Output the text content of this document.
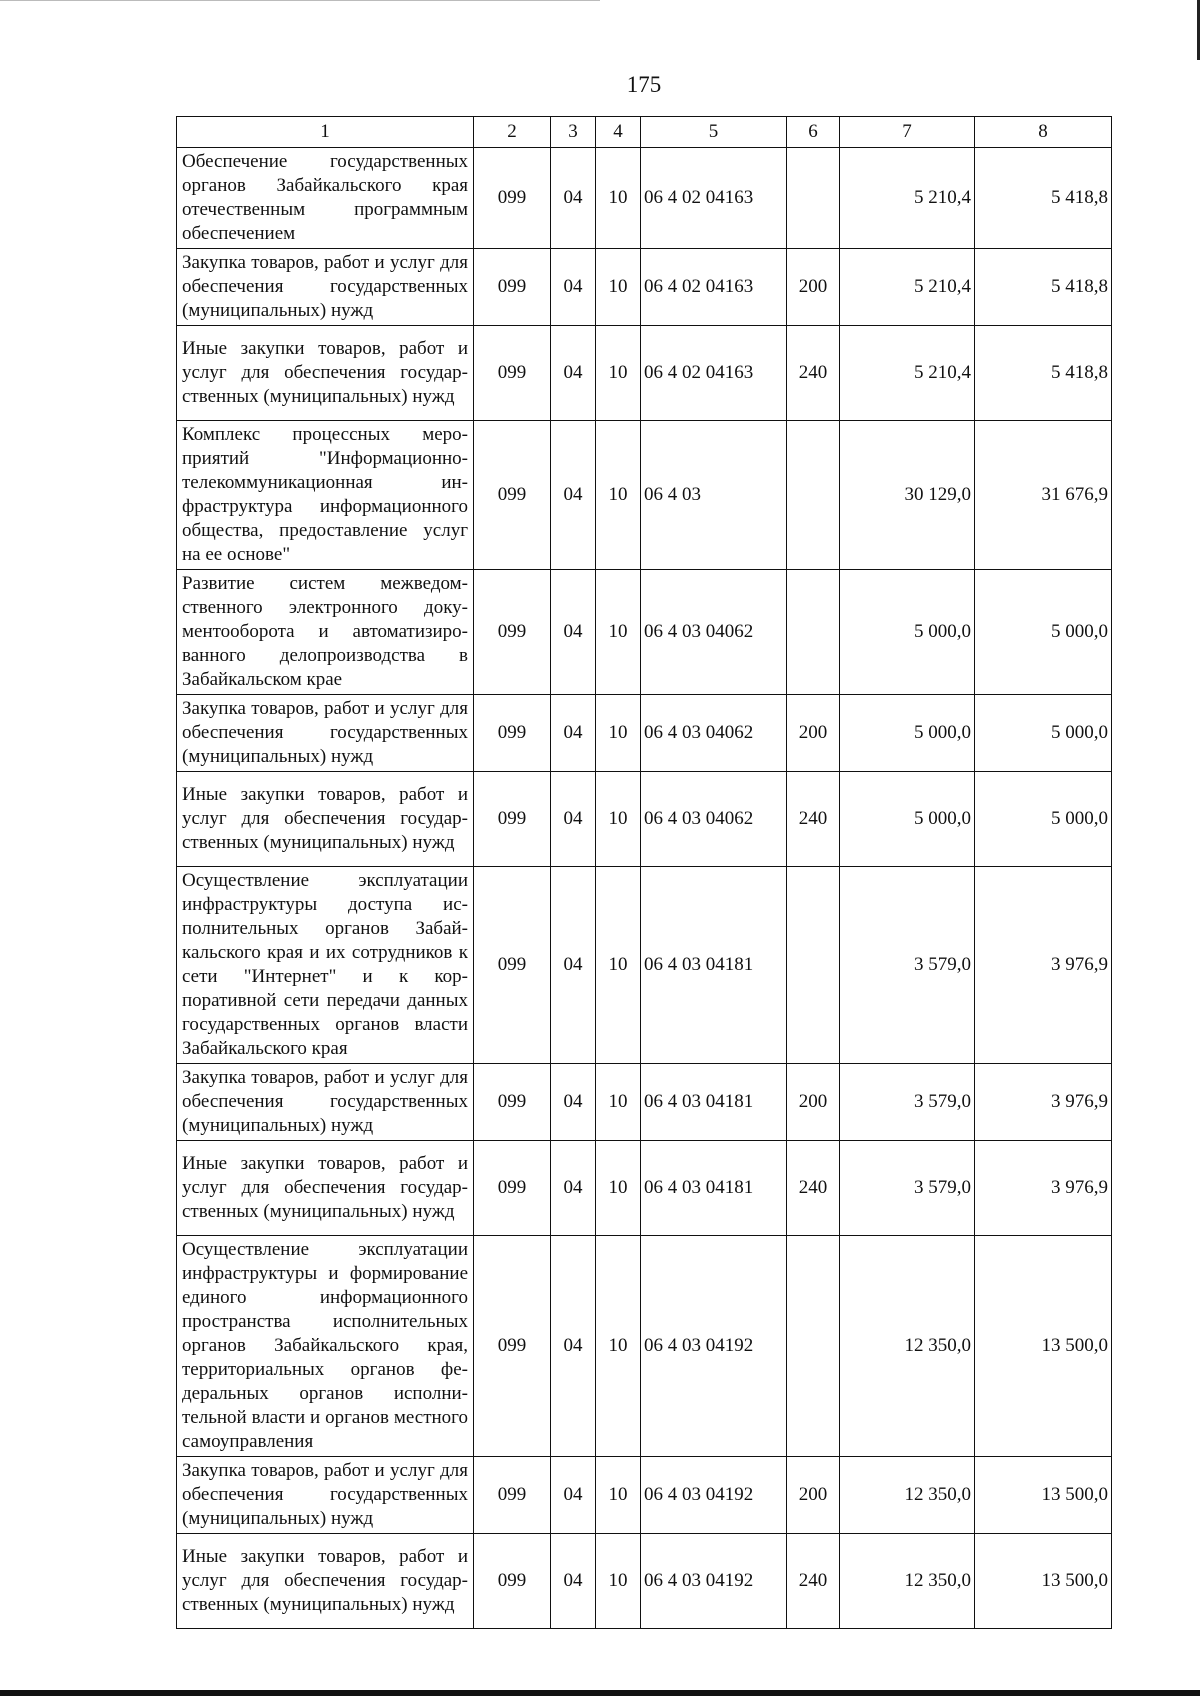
175
1	2	3	4	5	6	7	8
Обеспечение государственных органов Забайкальского края отечественным программным обеспечением	099	04	10	06 4 02 04163		5 210,4	5 418,8
Закупка товаров, работ и услуг для обеспечения государственных (муниципальных) нужд	099	04	10	06 4 02 04163	200	5 210,4	5 418,8
Иные закупки товаров, работ и услуг для обеспечения государственных (муниципальных) нужд	099	04	10	06 4 02 04163	240	5 210,4	5 418,8
Комплекс процессных мероприятий "Информационно-телекоммуникационная инфраструктура информационного общества, предоставление услуг на ее основе"	099	04	10	06 4 03		30 129,0	31 676,9
Развитие систем межведомственного электронного документооборота и автоматизированного делопроизводства в Забайкальском крае	099	04	10	06 4 03 04062		5 000,0	5 000,0
Закупка товаров, работ и услуг для обеспечения государственных (муниципальных) нужд	099	04	10	06 4 03 04062	200	5 000,0	5 000,0
Иные закупки товаров, работ и услуг для обеспечения государственных (муниципальных) нужд	099	04	10	06 4 03 04062	240	5 000,0	5 000,0
Осуществление эксплуатации инфраструктуры доступа исполнительных органов Забайкальского края и их сотрудников к сети "Интернет" и к корпоративной сети передачи данных государственных органов власти Забайкальского края	099	04	10	06 4 03 04181		3 579,0	3 976,9
Закупка товаров, работ и услуг для обеспечения государственных (муниципальных) нужд	099	04	10	06 4 03 04181	200	3 579,0	3 976,9
Иные закупки товаров, работ и услуг для обеспечения государственных (муниципальных) нужд	099	04	10	06 4 03 04181	240	3 579,0	3 976,9
Осуществление эксплуатации инфраструктуры и формирование единого информационного пространства исполнительных органов Забайкальского края, территориальных органов федеральных органов исполнительной власти и органов местного самоуправления	099	04	10	06 4 03 04192		12 350,0	13 500,0
Закупка товаров, работ и услуг для обеспечения государственных (муниципальных) нужд	099	04	10	06 4 03 04192	200	12 350,0	13 500,0
Иные закупки товаров, работ и услуг для обеспечения государственных (муниципальных) нужд	099	04	10	06 4 03 04192	240	12 350,0	13 500,0
